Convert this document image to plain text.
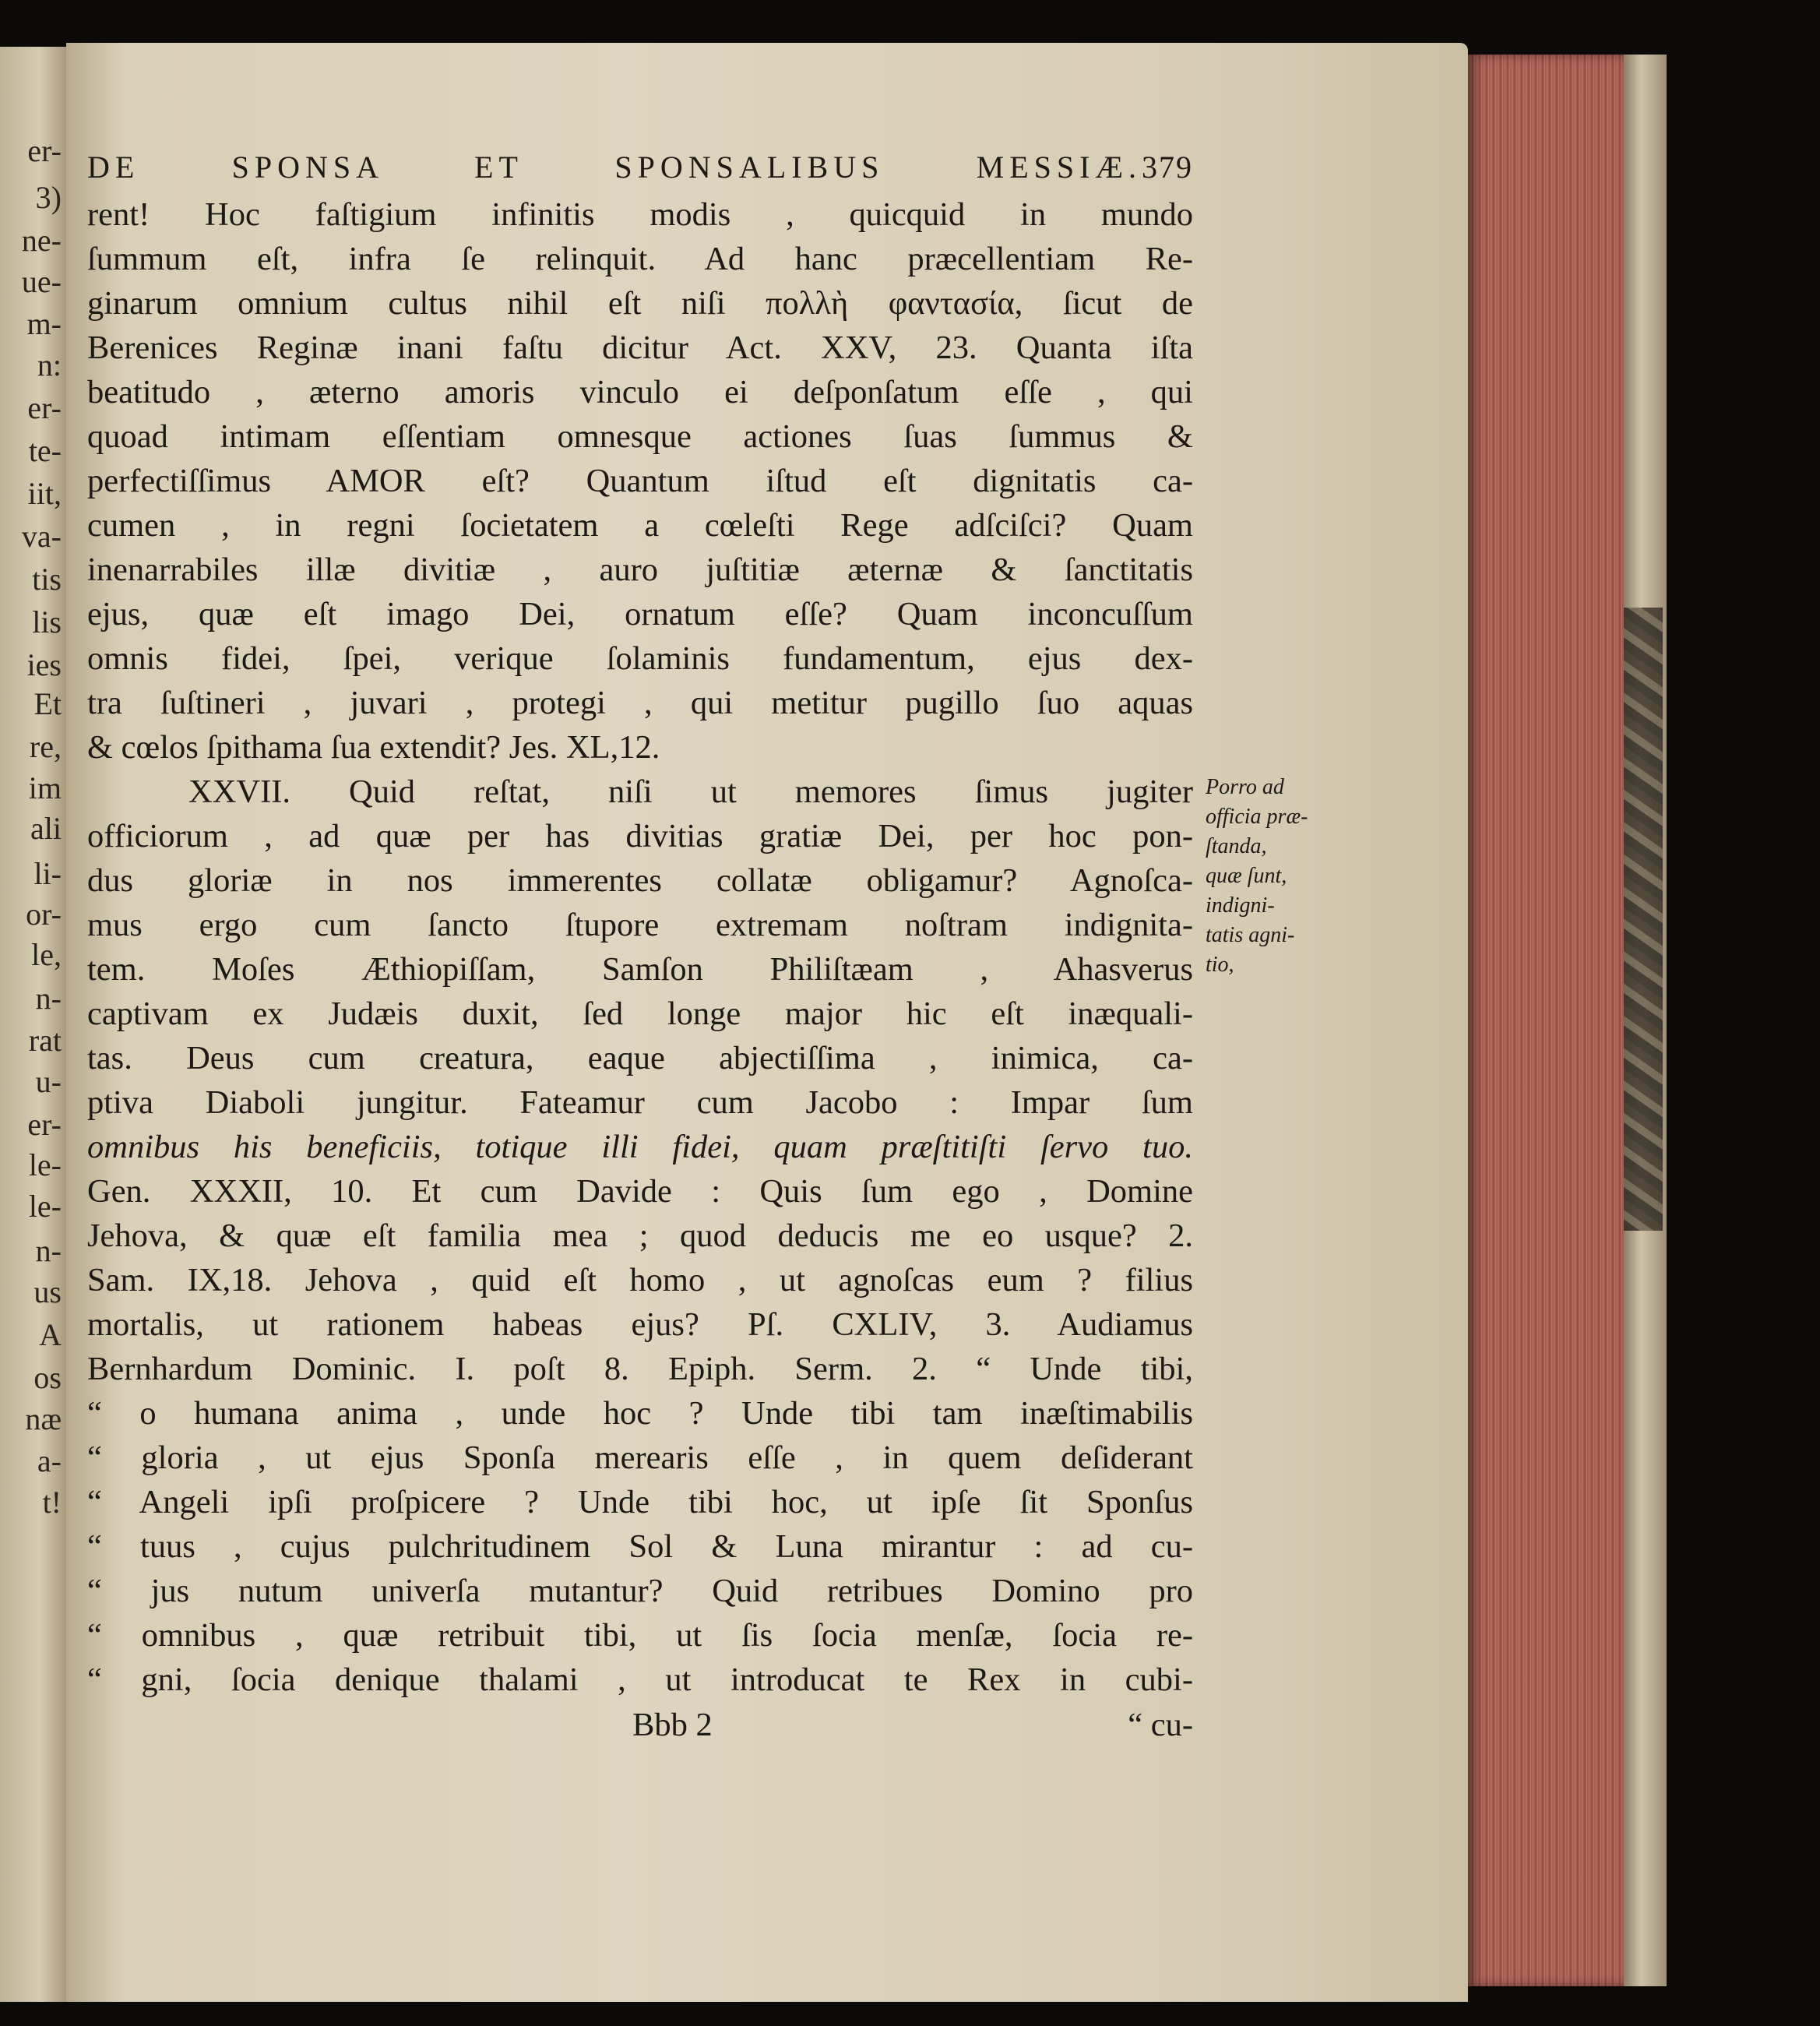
er-
3)
ne-
ue-
m-
n:
er-
te-
iit,
va-
tis
lis
ies
Et
re,
im
ali
li-
or-
le,
n-
rat
u-
er-
le-
le-
n-
us
A
os
næ
a-
t!
DE SPONSA ET SPONSALIBUS MESSIÆ. 379
rent! Hoc faſtigium infinitis modis , quicquid in mundo
ſummum eſt, infra ſe relinquit. Ad hanc præcellentiam Re-
ginarum omnium cultus nihil eſt niſi πολλὴ φαντασία, ſicut de
Berenices Reginæ inani faſtu dicitur Act. XXV, 23. Quanta iſta
beatitudo , æterno amoris vinculo ei deſponſatum eſſe , qui
quoad intimam eſſentiam omnesque actiones ſuas ſummus &
perfectiſſimus AMOR eſt? Quantum iſtud eſt dignitatis ca-
cumen , in regni ſocietatem a cœleſti Rege adſciſci? Quam
inenarrabiles illæ divitiæ , auro juſtitiæ æternæ & ſanctitatis
ejus, quæ eſt imago Dei, ornatum eſſe? Quam inconcuſſum
omnis fidei, ſpei, verique ſolaminis fundamentum, ejus dex-
tra ſuſtineri , juvari , protegi , qui metitur pugillo ſuo aquas
& cœlos ſpithama ſua extendit? Jes. XL,12.
XXVII. Quid reſtat, niſi ut memores ſimus jugiter
officiorum , ad quæ per has divitias gratiæ Dei, per hoc pon-
dus gloriæ in nos immerentes collatæ obligamur? Agnoſca-
mus ergo cum ſancto ſtupore extremam noſtram indignita-
tem. Moſes Æthiopiſſam, Samſon Philiſtæam , Ahasverus
captivam ex Judæis duxit, ſed longe major hic eſt inæquali-
tas. Deus cum creatura, eaque abjectiſſima , inimica, ca-
ptiva Diaboli jungitur. Fateamur cum Jacobo : Impar ſum
omnibus his beneficiis, totique illi fidei, quam præſtitiſti ſervo tuo.
Gen. XXXII, 10. Et cum Davide : Quis ſum ego , Domine
Jehova, & quæ eſt familia mea ; quod deducis me eo usque? 2.
Sam. IX,18. Jehova , quid eſt homo , ut agnoſcas eum ? filius
mortalis, ut rationem habeas ejus? Pſ. CXLIV, 3. Audiamus
Bernhardum Dominic. I. poſt 8. Epiph. Serm. 2. “ Unde tibi,
“ o humana anima , unde hoc ? Unde tibi tam inæſtimabilis
“ gloria , ut ejus Sponſa merearis eſſe , in quem deſiderant
“ Angeli ipſi proſpicere ? Unde tibi hoc, ut ipſe ſit Sponſus
“ tuus , cujus pulchritudinem Sol & Luna mirantur : ad cu-
“ jus nutum univerſa mutantur? Quid retribues Domino pro
“ omnibus , quæ retribuit tibi, ut ſis ſocia menſæ, ſocia re-
“ gni, ſocia denique thalami , ut introducat te Rex in cubi-
Bbb 2	“ cu-
Porro ad
officia præ-
ſtanda,
quæ ſunt,
indigni-
tatis agni-
tio,
